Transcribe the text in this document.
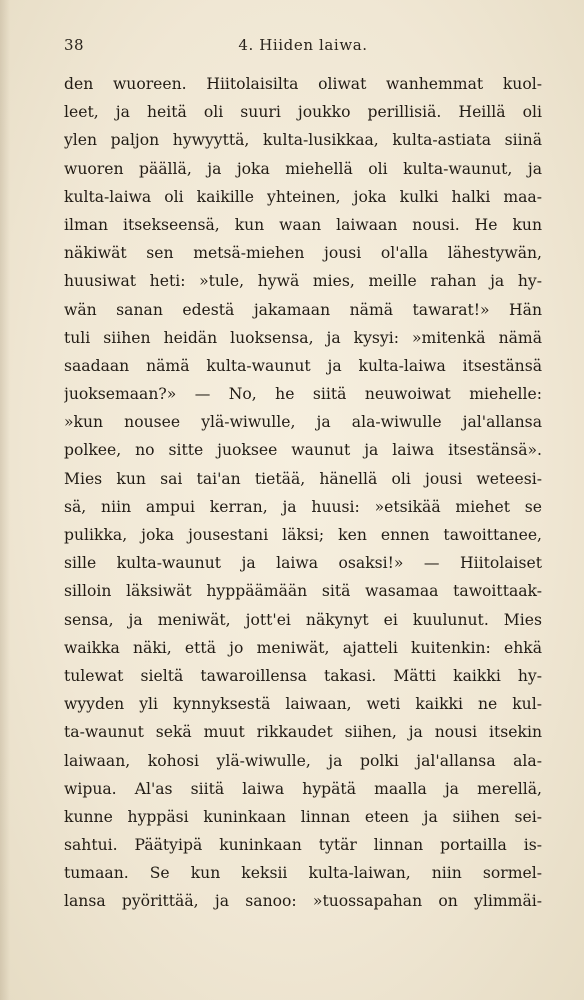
38	4. Hiiden laiwa.
den wuoreen. Hiitolaisilta oliwat wanhemmat kuol-
leet, ja heitä oli suuri joukko perillisiä. Heillä oli
ylen paljon hywyyttä, kulta-lusikkaa, kulta-astiata siinä
wuoren päällä, ja joka miehellä oli kulta-waunut, ja
kulta-laiwa oli kaikille yhteinen, joka kulki halki maa-
ilman itsekseensä, kun waan laiwaan nousi. He kun
näkiwät sen metsä-miehen jousi ol'alla lähestywän,
huusiwat heti: »tule, hywä mies, meille rahan ja hy-
wän sanan edestä jakamaan nämä tawarat!» Hän
tuli siihen heidän luoksensa, ja kysyi: »mitenkä nämä
saadaan nämä kulta-waunut ja kulta-laiwa itsestänsä
juoksemaan?» — No, he siitä neuwoiwat miehelle:
»kun nousee ylä-wiwulle, ja ala-wiwulle jal'allansa
polkee, no sitte juoksee waunut ja laiwa itsestänsä».
Mies kun sai tai'an tietää, hänellä oli jousi weteesi-
sä, niin ampui kerran, ja huusi: »etsikää miehet se
pulikka, joka jousestani läksi; ken ennen tawoittanee,
sille kulta-waunut ja laiwa osaksi!» — Hiitolaiset
silloin läksiwät hyppäämään sitä wasamaa tawoittaak-
sensa, ja meniwät, jott'ei näkynyt ei kuulunut. Mies
waikka näki, että jo meniwät, ajatteli kuitenkin: ehkä
tulewat sieltä tawaroillensa takasi. Mätti kaikki hy-
wyyden yli kynnyksestä laiwaan, weti kaikki ne kul-
ta-waunut sekä muut rikkaudet siihen, ja nousi itsekin
laiwaan, kohosi ylä-wiwulle, ja polki jal'allansa ala-
wipua. Al'as siitä laiwa hypätä maalla ja merellä,
kunne hyppäsi kuninkaan linnan eteen ja siihen sei-
sahtui. Päätyipä kuninkaan tytär linnan portailla is-
tumaan. Se kun keksii kulta-laiwan, niin sormel-
lansa pyörittää, ja sanoo: »tuossapahan on ylimmäi-
